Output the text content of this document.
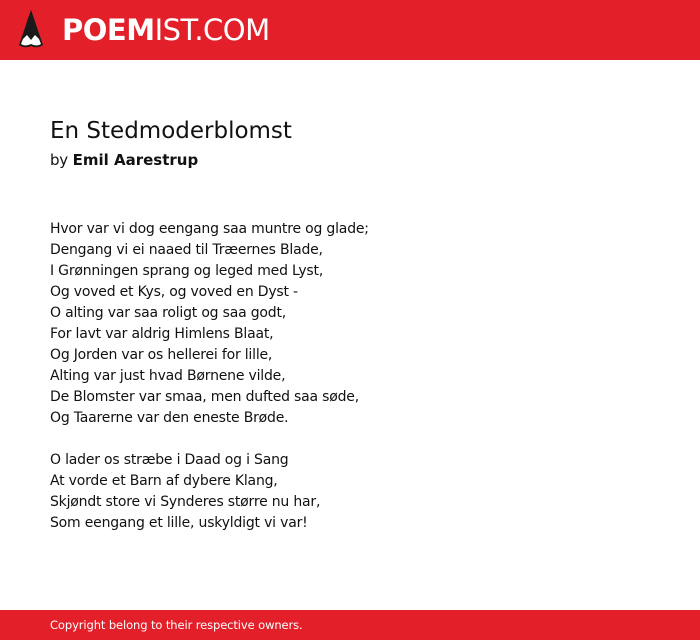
POEMIST.COM
En Stedmoderblomst
by Emil Aarestrup
Hvor var vi dog eengang saa muntre og glade;
Dengang vi ei naaed til Træernes Blade,
I Grønningen sprang og leged med Lyst,
Og voved et Kys, og voved en Dyst -
O alting var saa roligt og saa godt,
For lavt var aldrig Himlens Blaat,
Og Jorden var os hellerei for lille,
Alting var just hvad Børnene vilde,
De Blomster var smaa, men dufted saa søde,
Og Taarerne var den eneste Brøde.
O lader os stræbe i Daad og i Sang
At vorde et Barn af dybere Klang,
Skjøndt store vi Synderes større nu har,
Som eengang et lille, uskyldigt vi var!
Copyright belong to their respective owners.
